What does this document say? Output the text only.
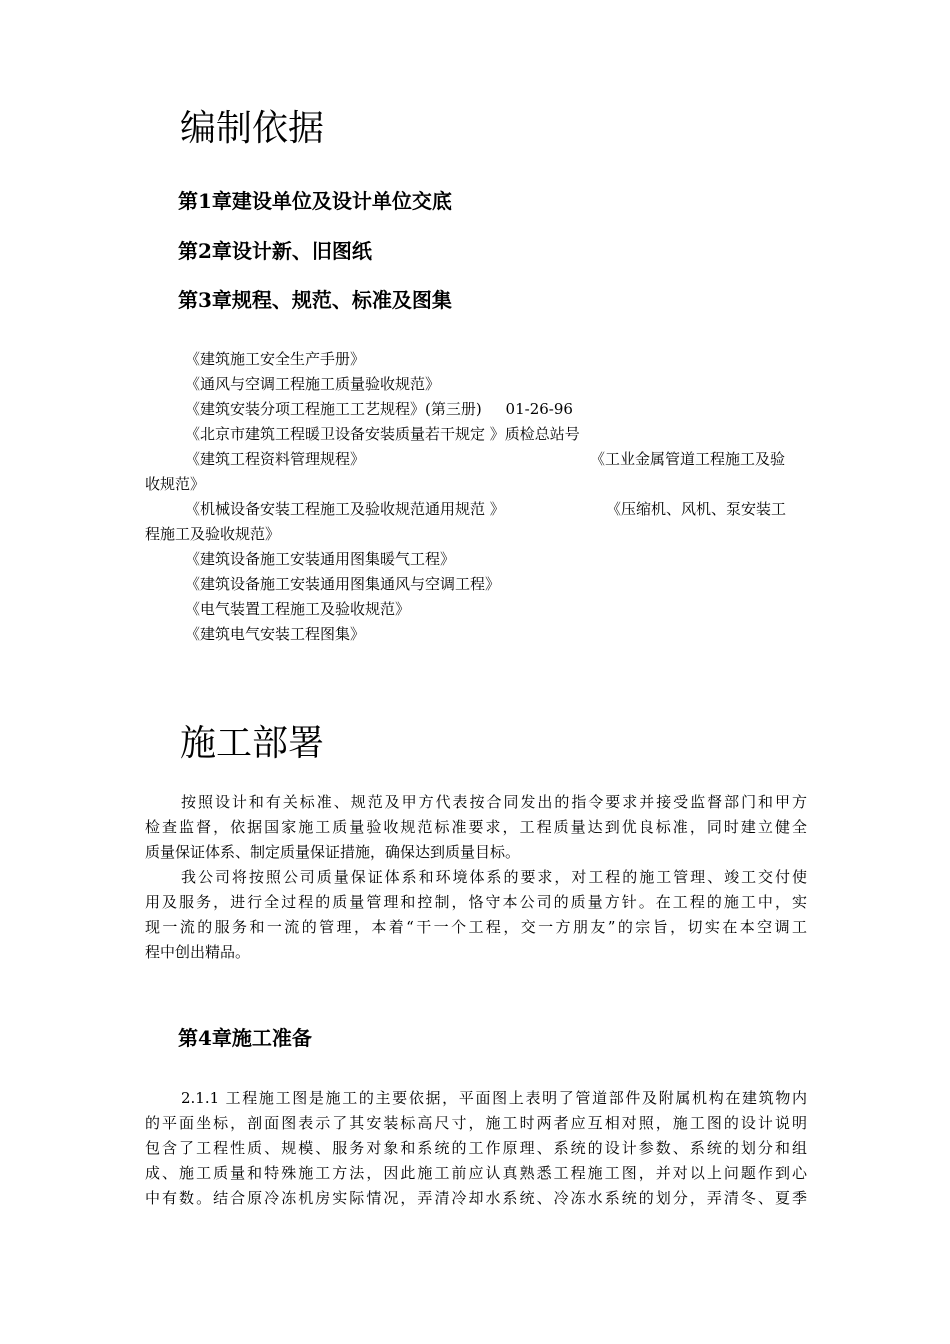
编制依据
第1章建设单位及设计单位交底
第2章设计新、旧图纸
第3章规程、规范、标准及图集
《建筑施工安全生产手册》
《通风与空调工程施工质量验收规范》
《建筑安装分项工程施工工艺规程》(第三册)     01-26-96
《北京市建筑工程暖卫设备安装质量若干规定 》质检总站号
《建筑工程资料管理规程》	《工业金属管道工程施工及验
收规范》
《机械设备安装工程施工及验收规范通用规范 》	《压缩机、风机、泵安装工
程施工及验收规范》
《建筑设备施工安装通用图集暖气工程》
《建筑设备施工安装通用图集通风与空调工程》
《电气装置工程施工及验收规范》
《建筑电气安装工程图集》
施工部署
按照设计和有关标准、规范及甲方代表按合同发出的指令要求并接受监督部门和甲方
检查监督，依据国家施工质量验收规范标准要求，工程质量达到优良标准，同时建立健全
质量保证体系、制定质量保证措施，确保达到质量目标。
我公司将按照公司质量保证体系和环境体系的要求，对工程的施工管理、竣工交付使
用及服务，进行全过程的质量管理和控制，恪守本公司的质量方针。在工程的施工中，实
现一流的服务和一流的管理，本着“干一个工程，交一方朋友”的宗旨，切实在本空调工
程中创出精品。
第4章施工准备
2.1.1 工程施工图是施工的主要依据，平面图上表明了管道部件及附属机构在建筑物内
的平面坐标，剖面图表示了其安装标高尺寸，施工时两者应互相对照，施工图的设计说明
包含了工程性质、规模、服务对象和系统的工作原理、系统的设计参数、系统的划分和组
成、施工质量和特殊施工方法，因此施工前应认真熟悉工程施工图，并对以上问题作到心
中有数。结合原冷冻机房实际情况，弄清冷却水系统、冷冻水系统的划分，弄清冬、夏季
